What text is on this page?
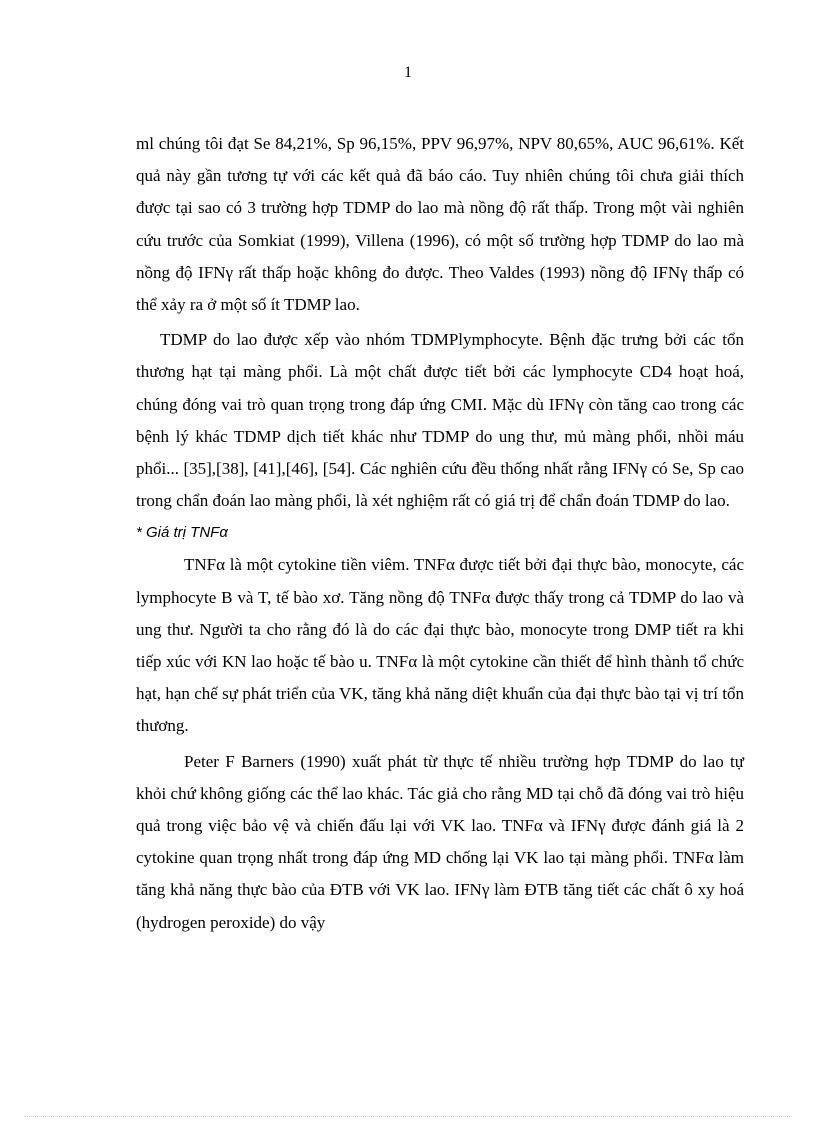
1

ml chúng tôi đạt Se 84,21%, Sp 96,15%, PPV 96,97%, NPV 80,65%, AUC 96,61%. Kết quả này gần tương tự với các kết quả đã báo cáo. Tuy nhiên chúng tôi chưa giải thích được tại sao có 3 trường hợp TDMP do lao mà nồng độ rất thấp. Trong một vài nghiên cứu trước của Somkiat (1999), Villena (1996), có một số trường hợp TDMP do lao mà nồng độ IFNγ rất thấp hoặc không đo được. Theo Valdes (1993) nồng độ IFNγ thấp có thể xảy ra ở một số ít TDMP lao.

TDMP do lao được xếp vào nhóm TDMPlymphocyte. Bệnh đặc trưng bởi các tổn thương hạt tại màng phổi. Là một chất được tiết bởi các lymphocyte CD4 hoạt hoá, chúng đóng vai trò quan trọng trong đáp ứng CMI. Mặc dù IFNγ còn tăng cao trong các bệnh lý khác TDMP dịch tiết khác như TDMP do ung thư, mủ màng phổi, nhồi máu phổi... [35],[38], [41],[46], [54]. Các nghiên cứu đều thống nhất rằng IFNγ có Se, Sp cao trong chẩn đoán lao màng phổi, là xét nghiệm rất có giá trị để chẩn đoán TDMP do lao.

* Giá trị TNFα

TNFα là một cytokine tiền viêm. TNFα được tiết bởi đại thực bào, monocyte, các lymphocyte B và T, tế bào xơ. Tăng nồng độ TNFα được thấy trong cả TDMP do lao và ung thư. Người ta cho rằng đó là do các đại thực bào, monocyte trong DMP tiết ra khi tiếp xúc với KN lao hoặc tế bào u. TNFα là một cytokine cần thiết để hình thành tổ chức hạt, hạn chế sự phát triển của VK, tăng khả năng diệt khuẩn của đại thực bào tại vị trí tổn thương.

Peter F Barners (1990) xuất phát từ thực tế nhiều trường hợp TDMP do lao tự khỏi chứ không giống các thể lao khác. Tác giả cho rằng MD tại chỗ đã đóng vai trò hiệu quả trong việc bảo vệ và chiến đấu lại với VK lao. TNFα và IFNγ được đánh giá là 2 cytokine quan trọng nhất trong đáp ứng MD chống lại VK lao tại màng phổi. TNFα làm tăng khả năng thực bào của ĐTB với VK lao. IFNγ làm ĐTB tăng tiết các chất ô xy hoá (hydrogen peroxide) do vậy
